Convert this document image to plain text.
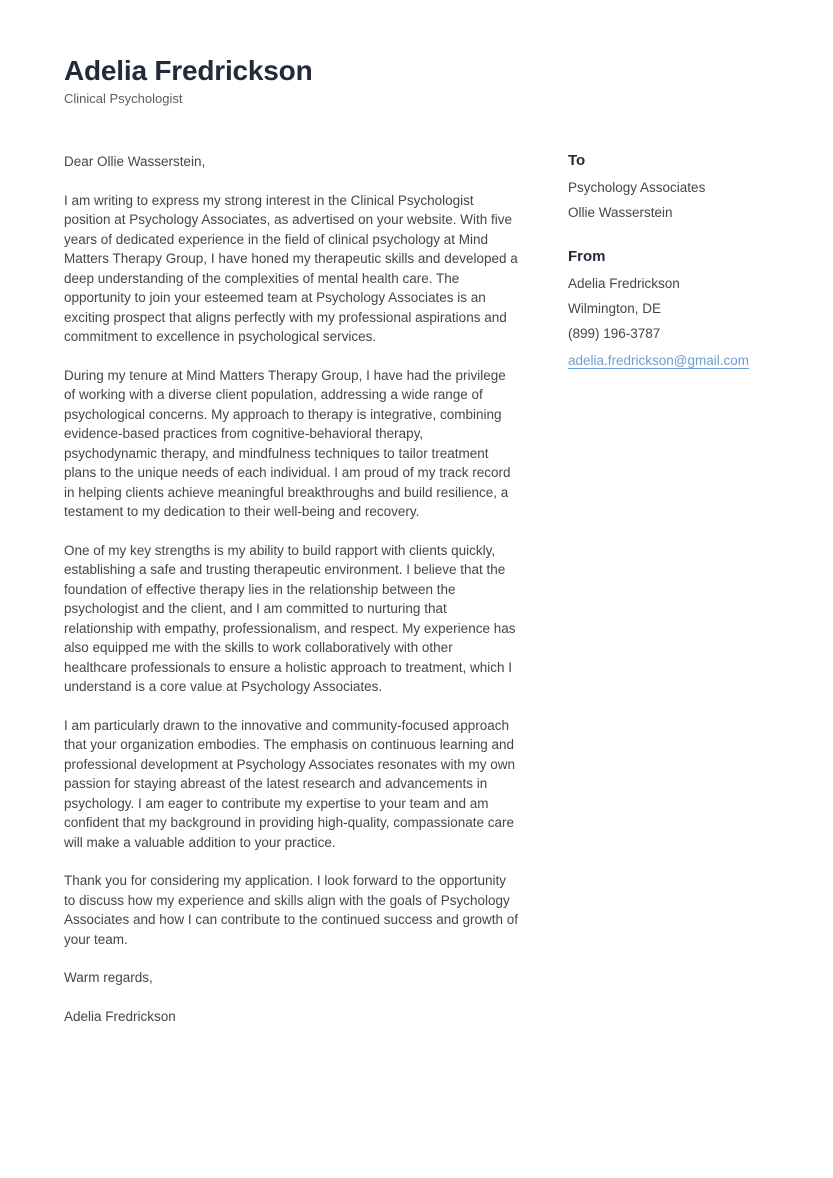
Adelia Fredrickson
Clinical Psychologist

Dear Ollie Wasserstein,

I am writing to express my strong interest in the Clinical Psychologist position at Psychology Associates, as advertised on your website. With five years of dedicated experience in the field of clinical psychology at Mind Matters Therapy Group, I have honed my therapeutic skills and developed a deep understanding of the complexities of mental health care. The opportunity to join your esteemed team at Psychology Associates is an exciting prospect that aligns perfectly with my professional aspirations and commitment to excellence in psychological services.

During my tenure at Mind Matters Therapy Group, I have had the privilege of working with a diverse client population, addressing a wide range of psychological concerns. My approach to therapy is integrative, combining evidence-based practices from cognitive-behavioral therapy, psychodynamic therapy, and mindfulness techniques to tailor treatment plans to the unique needs of each individual. I am proud of my track record in helping clients achieve meaningful breakthroughs and build resilience, a testament to my dedication to their well-being and recovery.

One of my key strengths is my ability to build rapport with clients quickly, establishing a safe and trusting therapeutic environment. I believe that the foundation of effective therapy lies in the relationship between the psychologist and the client, and I am committed to nurturing that relationship with empathy, professionalism, and respect. My experience has also equipped me with the skills to work collaboratively with other healthcare professionals to ensure a holistic approach to treatment, which I understand is a core value at Psychology Associates.

I am particularly drawn to the innovative and community-focused approach that your organization embodies. The emphasis on continuous learning and professional development at Psychology Associates resonates with my own passion for staying abreast of the latest research and advancements in psychology. I am eager to contribute my expertise to your team and am confident that my background in providing high-quality, compassionate care will make a valuable addition to your practice.

Thank you for considering my application. I look forward to the opportunity to discuss how my experience and skills align with the goals of Psychology Associates and how I can contribute to the continued success and growth of your team.

Warm regards,

Adelia Fredrickson

To
Psychology Associates
Ollie Wasserstein
From
Adelia Fredrickson
Wilmington, DE
(899) 196-3787
adelia.fredrickson@gmail.com
